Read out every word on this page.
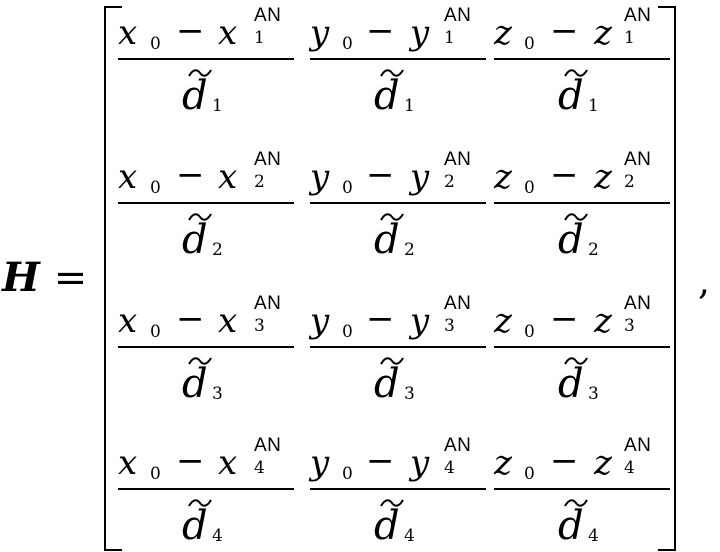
H =
x 0 − x AN
1
d 1
y 0 − y AN
1
d 1
z 0 − z AN
1
d 1
x 0 − x AN
2
d 2
y 0 − y AN
2
d 2
z 0 − z AN
2
d 2
x 0 − x AN
3
d 3
y 0 − y AN
3
d 3
z 0 − z AN
3
d 3
x 0 − x AN
4
d 4
y 0 − y AN
4
d 4
z 0 − z AN
4
d 4
,
